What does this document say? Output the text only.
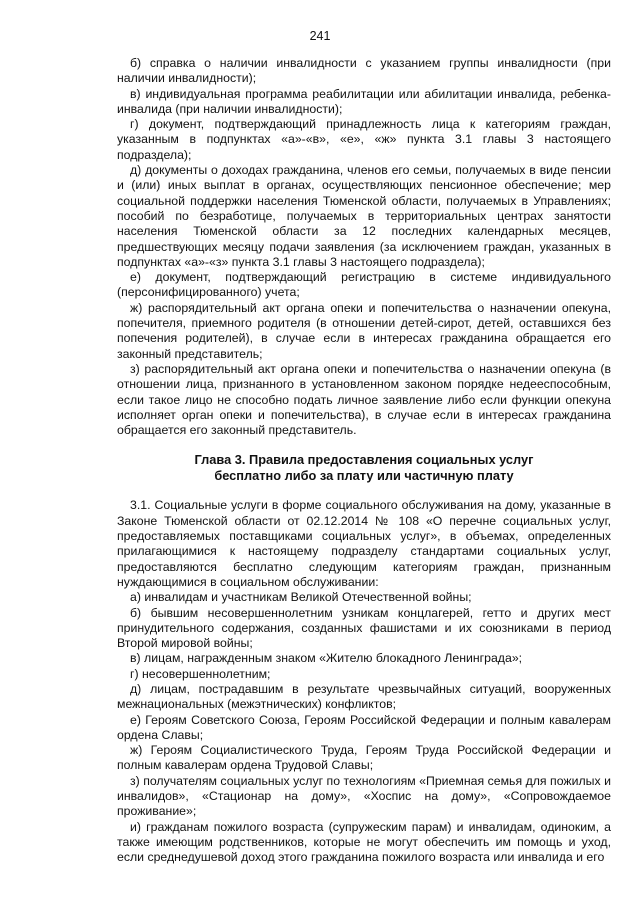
241

б) справка о наличии инвалидности с указанием группы инвалидности (при наличии инвалидности);

в) индивидуальная программа реабилитации или абилитации инвалида, ребенка-инвалида (при наличии инвалидности);

г) документ, подтверждающий принадлежность лица к категориям граждан, указанным в подпунктах «а»-«в», «е», «ж» пункта 3.1 главы 3 настоящего подраздела);

д) документы о доходах гражданина, членов его семьи, получаемых в виде пенсии и (или) иных выплат в органах, осуществляющих пенсионное обеспечение; мер социальной поддержки населения Тюменской области, получаемых в Управлениях; пособий по безработице, получаемых в территориальных центрах занятости населения Тюменской области за 12 последних календарных месяцев, предшествующих месяцу подачи заявления (за исключением граждан, указанных в подпунктах «а»-«з» пункта 3.1 главы 3 настоящего подраздела);

е) документ, подтверждающий регистрацию в системе индивидуального (персонифицированного) учета;

ж) распорядительный акт органа опеки и попечительства о назначении опекуна, попечителя, приемного родителя (в отношении детей-сирот, детей, оставшихся без попечения родителей), в случае если в интересах гражданина обращается его законный представитель;

з) распорядительный акт органа опеки и попечительства о назначении опекуна (в отношении лица, признанного в установленном законом порядке недееспособным, если такое лицо не способно подать личное заявление либо если функции опекуна исполняет орган опеки и попечительства), в случае если в интересах гражданина обращается его законный представитель.

Глава 3. Правила предоставления социальных услуг
бесплатно либо за плату или частичную плату

3.1. Социальные услуги в форме социального обслуживания на дому, указанные в Законе Тюменской области от 02.12.2014 № 108 «О перечне социальных услуг, предоставляемых поставщиками социальных услуг», в объемах, определенных прилагающимися к настоящему подразделу стандартами социальных услуг, предоставляются бесплатно следующим категориям граждан, признанным нуждающимися в социальном обслуживании:

а) инвалидам и участникам Великой Отечественной войны;

б) бывшим несовершеннолетним узникам концлагерей, гетто и других мест принудительного содержания, созданных фашистами и их союзниками в период Второй мировой войны;

в) лицам, награжденным знаком «Жителю блокадного Ленинграда»;

г) несовершеннолетним;

д) лицам, пострадавшим в результате чрезвычайных ситуаций, вооруженных межнациональных (межэтнических) конфликтов;

е) Героям Советского Союза, Героям Российской Федерации и полным кавалерам ордена Славы;

ж) Героям Социалистического Труда, Героям Труда Российской Федерации и полным кавалерам ордена Трудовой Славы;

з) получателям социальных услуг по технологиям «Приемная семья для пожилых и инвалидов», «Стационар на дому», «Хоспис на дому», «Сопровождаемое проживание»;

и) гражданам пожилого возраста (супружеским парам) и инвалидам, одиноким, а также имеющим родственников, которые не могут обеспечить им помощь и уход, если среднедушевой доход этого гражданина пожилого возраста или инвалида и его
